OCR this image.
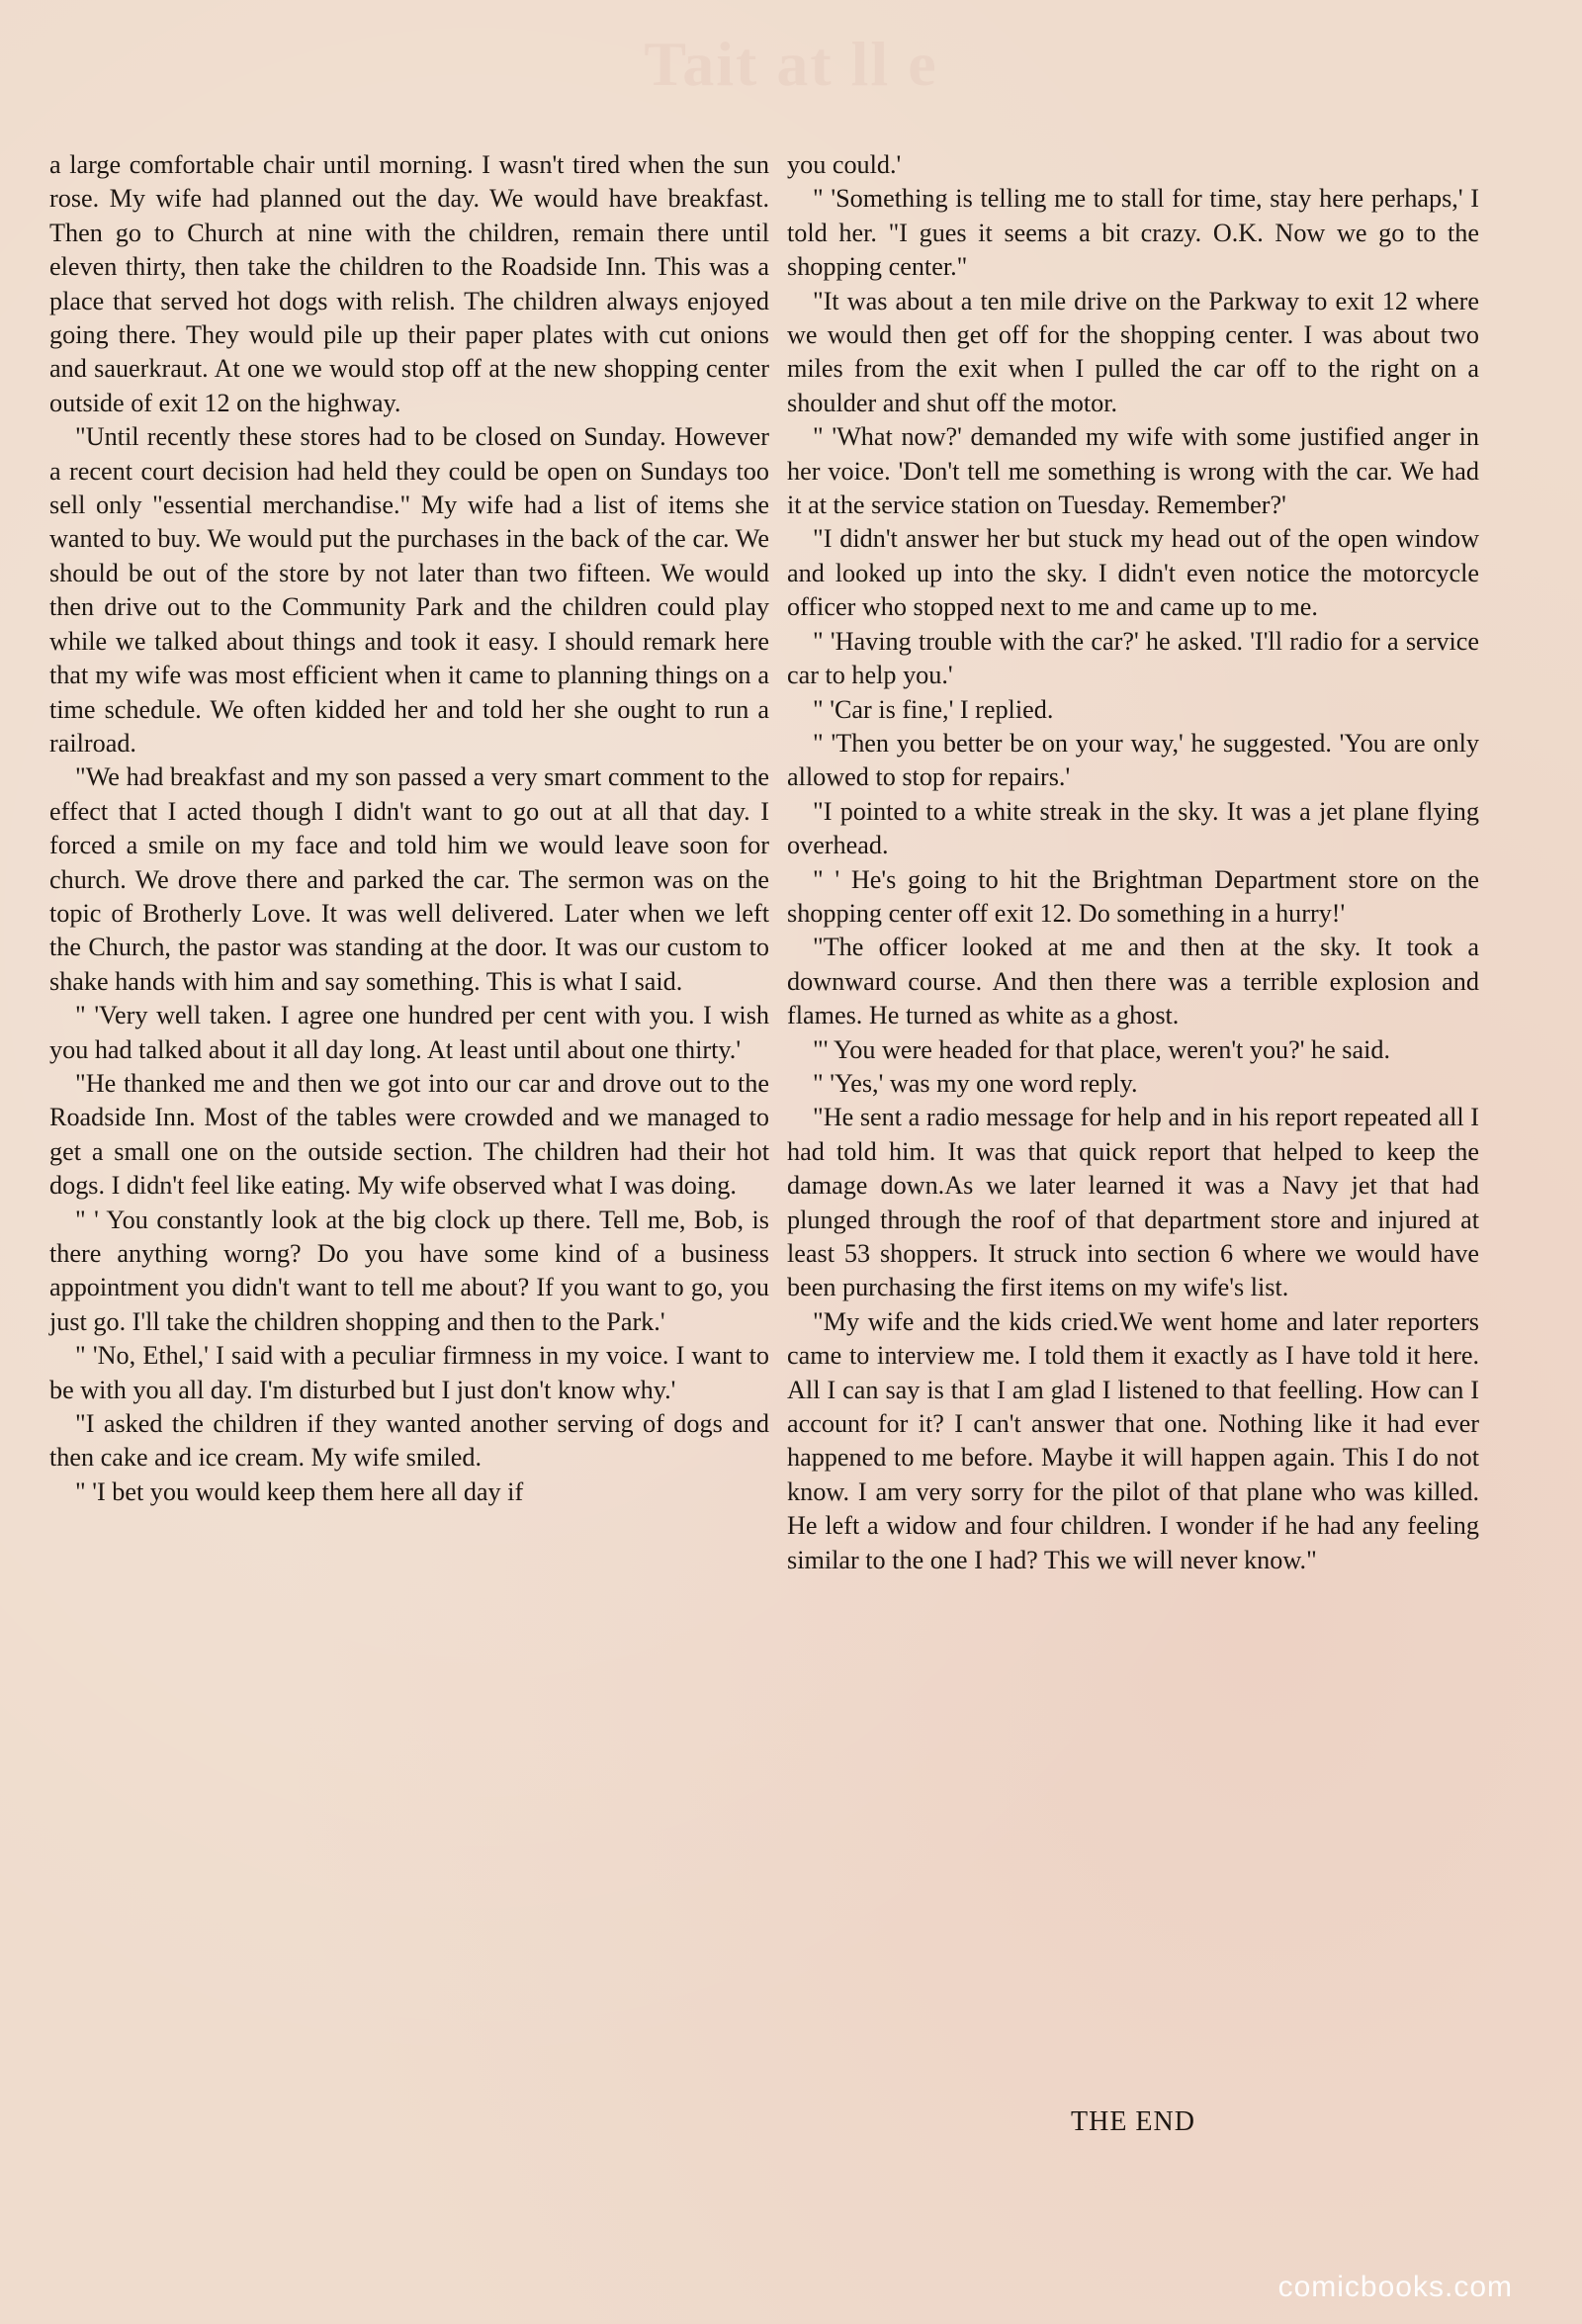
Tait at ll e

a large comfortable chair until morning. I wasn't tired when the sun rose. My wife had planned out the day. We would have breakfast. Then go to Church at nine with the children, remain there until eleven thirty, then take the children to the Roadside Inn. This was a place that served hot dogs with relish. The children always enjoyed going there. They would pile up their paper plates with cut onions and sauerkraut. At one we would stop off at the new shopping center outside of exit 12 on the highway.

"Until recently these stores had to be closed on Sunday. However a recent court decision had held they could be open on Sundays too sell only "essential merchandise." My wife had a list of items she wanted to buy. We would put the purchases in the back of the car. We should be out of the store by not later than two fifteen. We would then drive out to the Community Park and the children could play while we talked about things and took it easy. I should remark here that my wife was most efficient when it came to planning things on a time schedule. We often kidded her and told her she ought to run a railroad.

"We had breakfast and my son passed a very smart comment to the effect that I acted though I didn't want to go out at all that day. I forced a smile on my face and told him we would leave soon for church. We drove there and parked the car. The sermon was on the topic of Brotherly Love. It was well delivered. Later when we left the Church, the pastor was standing at the door. It was our custom to shake hands with him and say something. This is what I said.

" 'Very well taken. I agree one hundred per cent with you. I wish you had talked about it all day long. At least until about one thirty.'

"He thanked me and then we got into our car and drove out to the Roadside Inn. Most of the tables were crowded and we managed to get a small one on the outside section. The children had their hot dogs. I didn't feel like eating. My wife observed what I was doing.

" ' You constantly look at the big clock up there. Tell me, Bob, is there anything worng? Do you have some kind of a business appointment you didn't want to tell me about? If you want to go, you just go. I'll take the children shopping and then to the Park.'

" 'No, Ethel,' I said with a peculiar firmness in my voice. I want to be with you all day. I'm disturbed but I just don't know why.'

"I asked the children if they wanted another serving of dogs and then cake and ice cream. My wife smiled.

" 'I bet you would keep them here all day if

you could.'

" 'Something is telling me to stall for time, stay here perhaps,' I told her. "I gues it seems a bit crazy. O.K. Now we go to the shopping center."

"It was about a ten mile drive on the Parkway to exit 12 where we would then get off for the shopping center. I was about two miles from the exit when I pulled the car off to the right on a shoulder and shut off the motor.

" 'What now?' demanded my wife with some justified anger in her voice. 'Don't tell me something is wrong with the car. We had it at the service station on Tuesday. Remember?'

"I didn't answer her but stuck my head out of the open window and looked up into the sky. I didn't even notice the motorcycle officer who stopped next to me and came up to me.

" 'Having trouble with the car?' he asked. 'I'll radio for a service car to help you.'

" 'Car is fine,' I replied.

" 'Then you better be on your way,' he suggested. 'You are only allowed to stop for repairs.'

"I pointed to a white streak in the sky. It was a jet plane flying overhead.

" ' He's going to hit the Brightman Department store on the shopping center off exit 12. Do something in a hurry!'

"The officer looked at me and then at the sky. It took a downward course. And then there was a terrible explosion and flames. He turned as white as a ghost.

"' You were headed for that place, weren't you?' he said.

" 'Yes,' was my one word reply.

"He sent a radio message for help and in his report repeated all I had told him. It was that quick report that helped to keep the damage down.As we later learned it was a Navy jet that had plunged through the roof of that department store and injured at least 53 shoppers. It struck into section 6 where we would have been purchasing the first items on my wife's list.

"My wife and the kids cried.We went home and later reporters came to interview me. I told them it exactly as I have told it here. All I can say is that I am glad I listened to that feelling. How can I account for it? I can't answer that one. Nothing like it had ever happened to me before. Maybe it will happen again. This I do not know. I am very sorry for the pilot of that plane who was killed. He left a widow and four children. I wonder if he had any feeling similar to the one I had? This we will never know."

THE END
comicbooks.com
